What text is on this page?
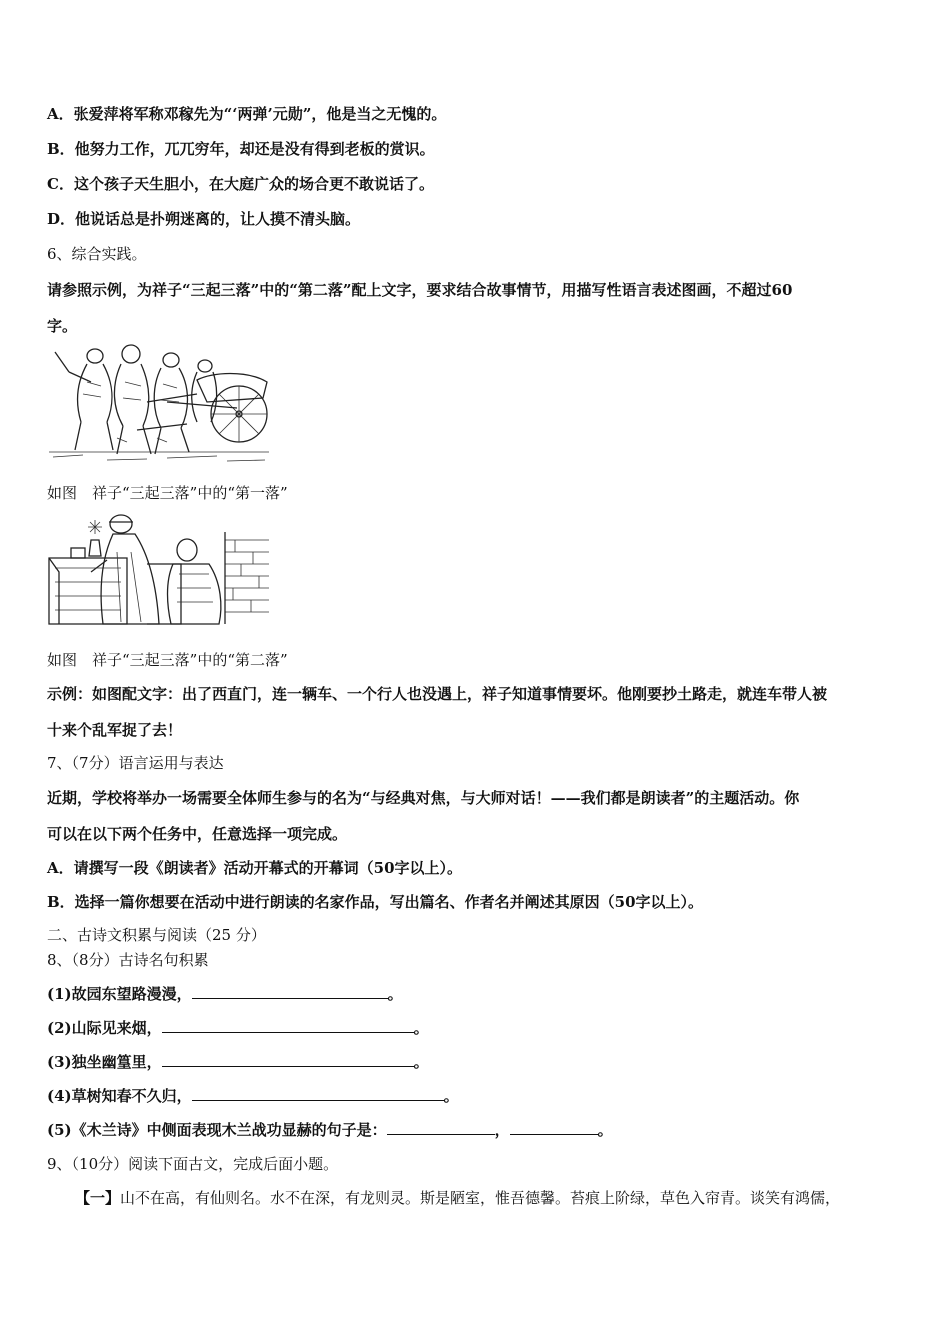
A．张爱萍将军称邓稼先为“‘两弹’元勋”，他是当之无愧的。
B．他努力工作，兀兀穷年，却还是没有得到老板的赏识。
C．这个孩子天生胆小，在大庭广众的场合更不敢说话了。
D．他说话总是扑朔迷离的，让人摸不清头脑。
6、综合实践。
请参照示例，为祥子“三起三落”中的“第二落”配上文字，要求结合故事情节，用描写性语言表述图画，不超过60
字。
如图　祥子“三起三落”中的“第一落”
如图　祥子“三起三落”中的“第二落”
示例：如图配文字：出了西直门，连一辆车、一个行人也没遇上，祥子知道事情要坏。他刚要抄土路走，就连车带人被
十来个乱军捉了去！
7、（7分）语言运用与表达
近期，学校将举办一场需要全体师生参与的名为“与经典对焦，与大师对话！——我们都是朗读者”的主题活动。你
可以在以下两个任务中，任意选择一项完成。
A．请撰写一段《朗读者》活动开幕式的开幕词（50字以上）。
B．选择一篇你想要在活动中进行朗读的名家作品，写出篇名、作者名并阐述其原因（50字以上）。
二、古诗文积累与阅读（25 分）
8、（8分）古诗名句积累
(1)故园东望路漫漫，	。
(2)山际见来烟，	。
(3)独坐幽篁里，	。
(4)草树知春不久归，	。
(5)《木兰诗》中侧面表现木兰战功显赫的句子是：	，	。
9、（10分）阅读下面古文，完成后面小题。
【一】山不在高，有仙则名。水不在深，有龙则灵。斯是陋室，惟吾德馨。苔痕上阶绿，草色入帘青。谈笑有鸿儒，
